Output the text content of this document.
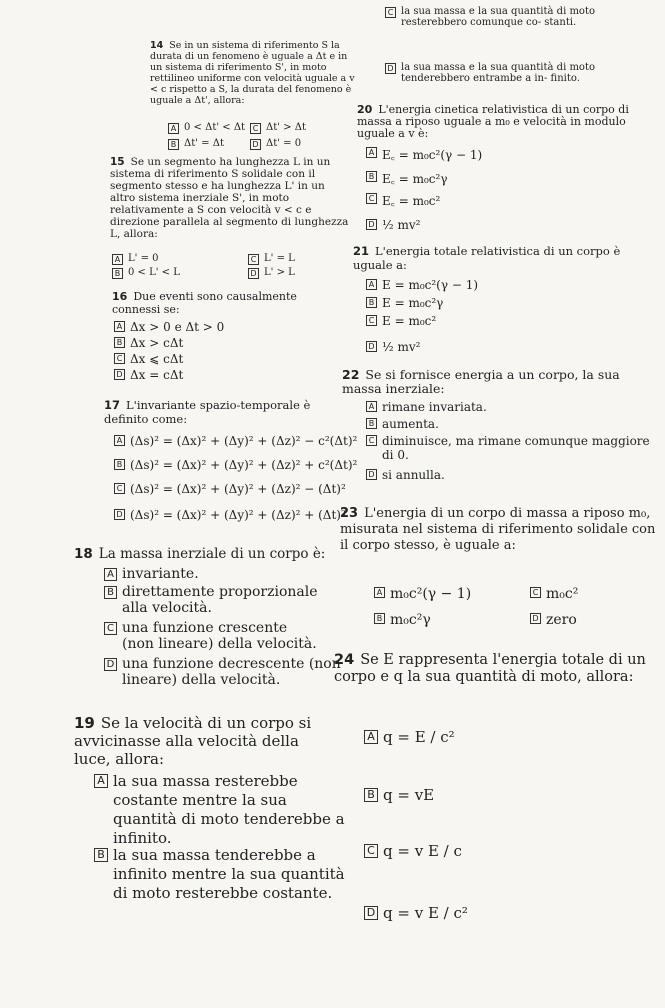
C la sua massa e la sua quantità di moto resterebbero comunque co- stanti.
D la sua massa e la sua quantità di moto tenderebbero entrambe a in- finito.
14 Se in un sistema di riferimento S la durata di un fenomeno è uguale a Δt e in un sistema di riferimento S', in moto rettilineo uniforme con velocità uguale a v < c rispetto a S, la durata del fenomeno è uguale a Δt', allora:
A 0 < Δt' < Δt C Δt' > Δt
B Δt' = Δt	D Δt' = 0
20 L'energia cinetica relativistica di un corpo di massa a riposo uguale a m₀ e velocità in modulo uguale a v è:
A E꜀ = m₀c²(γ − 1)
B E꜀ = m₀c²γ
C E꜀ = m₀c²
D ½ mv²
15 Se un segmento ha lunghezza L in un sistema di riferimento S solidale con il segmento stesso e ha lunghezza L' in un altro sistema inerziale S', in moto relativamente a S con velocità v < c e direzione parallela al segmento di lunghezza L, allora:
A L' = 0	C L' = L
B 0 < L' < L	D L' > L
21 L'energia totale relativistica di un corpo è uguale a:
A E = m₀c²(γ − 1)
B E = m₀c²γ
C E = m₀c²
D ½ mv²
16 Due eventi sono causalmente connessi se:
A Δx > 0 e Δt > 0
B Δx > cΔt
C Δx ⩽ cΔt
D Δx = cΔt	22 Se si fornisce energia a un corpo, la sua massa inerziale:
A rimane invariata.
B aumenta.
C diminuisce, ma rimane comunque maggiore di 0.
D si annulla.
17 L'invariante spazio-temporale è definito come:
A (Δs)² = (Δx)² + (Δy)² + (Δz)² − c²(Δt)²
B (Δs)² = (Δx)² + (Δy)² + (Δz)² + c²(Δt)²
C (Δs)² = (Δx)² + (Δy)² + (Δz)² − (Δt)²
D (Δs)² = (Δx)² + (Δy)² + (Δz)² + (Δt)²
23 L'energia di un corpo di massa a riposo m₀, misurata nel sistema di riferimento solidale con il corpo stesso, è uguale a:
A m₀c²(γ − 1)	C m₀c²
B m₀c²γ	D zero
18 La massa inerziale di un corpo è:
A invariante.
B direttamente proporzionale alla velocità.
C una funzione crescente (non lineare) della velocità.
D una funzione decrescente (non lineare) della velocità.
24 Se E rappresenta l'energia totale di un corpo e q la sua quantità di moto, allora:
A q = E / c²
B q = vE
C q = v E / c
D q = v E / c²
19 Se la velocità di un corpo si avvicinasse alla velocità della luce, allora:
A la sua massa resterebbe costante mentre la sua quantità di moto tenderebbe a infinito.
B la sua massa tenderebbe a infinito mentre la sua quantità di moto resterebbe costante.
